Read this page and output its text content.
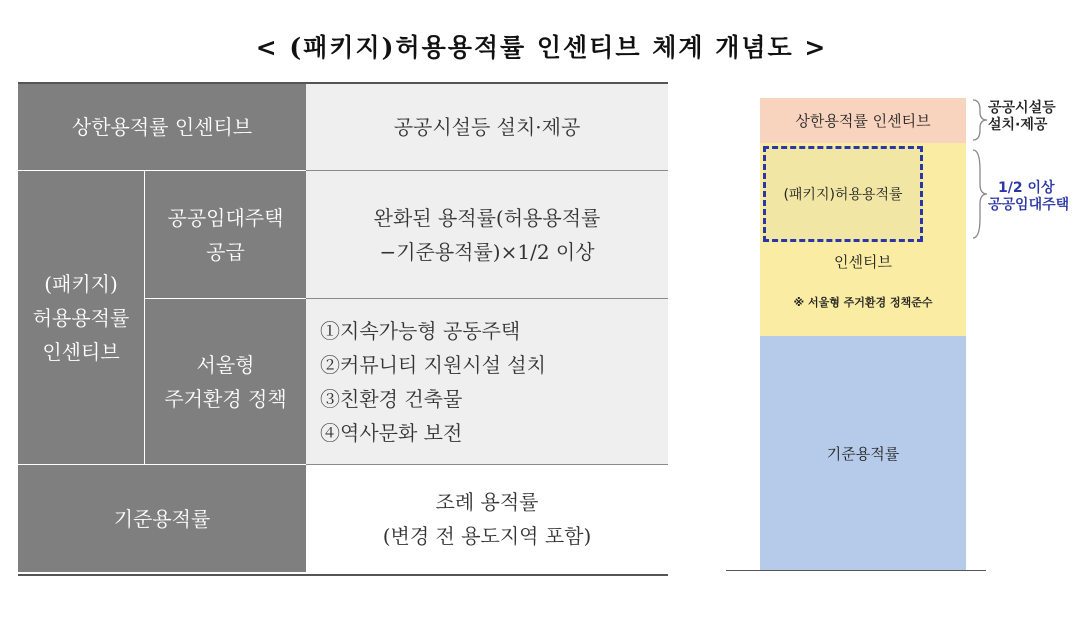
< (패키지)허용용적률 인센티브 체계 개념도 >
상한용적률 인센티브	공공시설등 설치·제공
(패키지)
허용용적률
인센티브
공공임대주택
공급
완화된 용적률(허용용적률
−기준용적률)×1/2 이상
서울형
주거환경 정책
①지속가능형 공동주택
②커뮤니티 지원시설 설치
③친환경 건축물
④역사문화 보전
기준용적률
조례 용적률
(변경 전 용도지역 포함)
상한용적률 인센티브
(패키지)허용용적률
인센티브
※ 서울형 주거환경 정책준수
기준용적률
공공시설등
설치·제공
1/2 이상
공공임대주택
